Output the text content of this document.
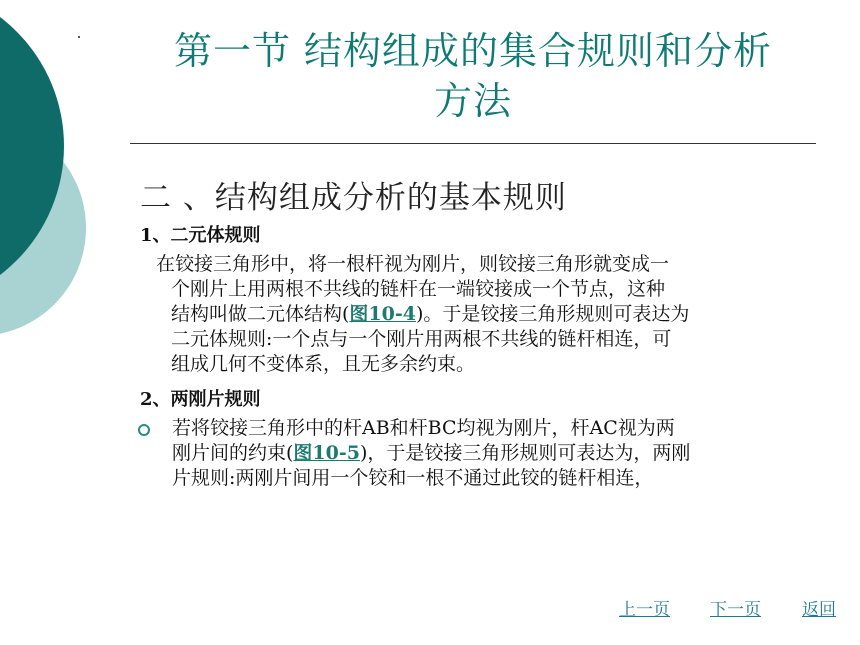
第一节 结构组成的集合规则和分析
方法
二 、结构组成分析的基本规则
1、二元体规则
在铰接三角形中，将一根杆视为刚片，则铰接三角形就变成一
个刚片上用两根不共线的链杆在一端铰接成一个节点，这种
结构叫做二元体结构(图10-4)。于是铰接三角形规则可表达为
二元体规则:一个点与一个刚片用两根不共线的链杆相连，可
组成几何不变体系，且无多余约束。
2、两刚片规则
若将铰接三角形中的杆AB和杆BC均视为刚片，杆AC视为两
刚片间的约束(图10-5)，于是铰接三角形规则可表达为，两刚
片规则:两刚片间用一个铰和一根不通过此铰的链杆相连，
上一页 下一页 返回
